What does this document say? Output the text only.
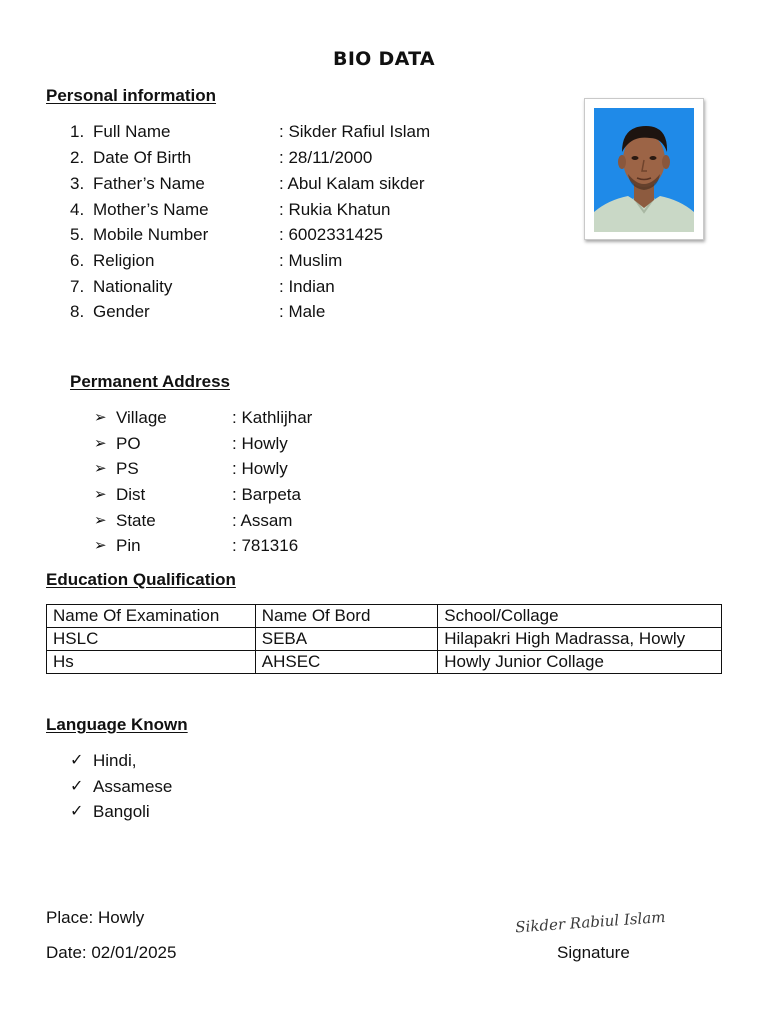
BIO DATA
Personal information
1. Full Name	: Sikder Rafiul Islam
2. Date Of Birth	: 28/11/2000
3. Father’s Name	: Abul Kalam sikder
4. Mother’s Name	: Rukia Khatun
5. Mobile Number	: 6002331425
6. Religion	: Muslim
7. Nationality	: Indian
8. Gender	: Male
Permanent Address
➢ Village	: Kathlijhar
➢ PO	: Howly
➢ PS	: Howly
➢ Dist	: Barpeta
➢ State	: Assam
➢ Pin	: 781316
Education Qualification
Name Of Examination	Name Of Bord	School/Collage
HSLC	SEBA	Hilapakri High Madrassa, Howly
Hs	AHSEC	Howly Junior Collage
Language Known
✓ Hindi,
✓ Assamese
✓ Bangoli
Place: Howly
Date: 02/01/2025
Sikder Rabiul Islam
Signature
